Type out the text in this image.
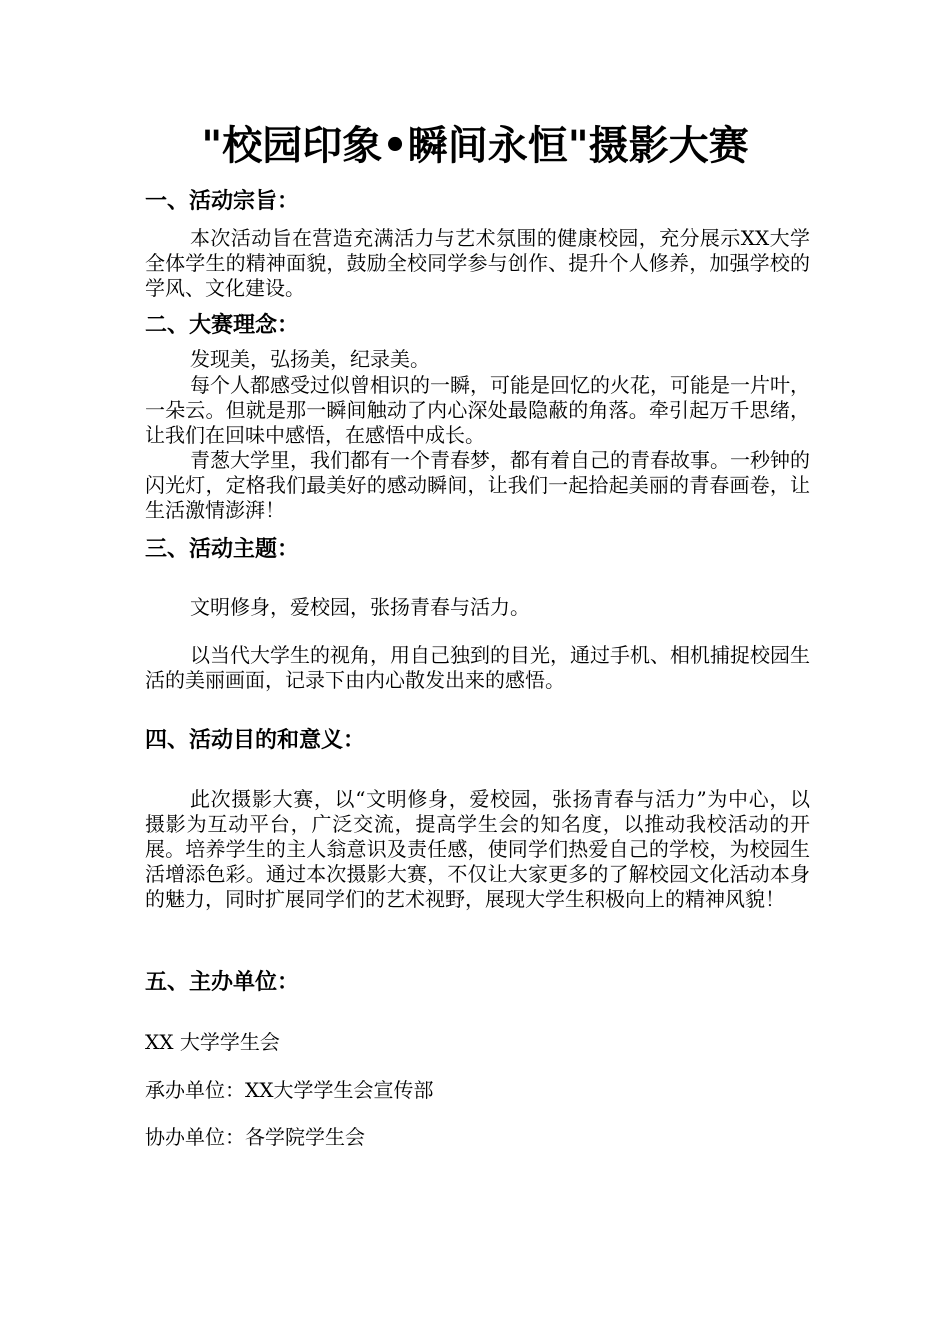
"校园印象•瞬间永恒"摄影大赛
一、活动宗旨：
本次活动旨在营造充满活力与艺术氛围的健康校园，充分展示XX大学全体学生的精神面貌，鼓励全校同学参与创作、提升个人修养，加强学校的学风、文化建设。
二、大赛理念：
发现美，弘扬美，纪录美。
每个人都感受过似曾相识的一瞬，可能是回忆的火花，可能是一片叶，一朵云。但就是那一瞬间触动了内心深处最隐蔽的角落。牵引起万千思绪，让我们在回味中感悟，在感悟中成长。
青葱大学里，我们都有一个青春梦，都有着自己的青春故事。一秒钟的闪光灯，定格我们最美好的感动瞬间，让我们一起拾起美丽的青春画卷，让生活激情澎湃！
三、活动主题：
文明修身，爱校园，张扬青春与活力。
以当代大学生的视角，用自己独到的目光，通过手机、相机捕捉校园生活的美丽画面，记录下由内心散发出来的感悟。
四、活动目的和意义：
此次摄影大赛，以“文明修身，爱校园，张扬青春与活力”为中心，以摄影为互动平台，广泛交流，提高学生会的知名度，以推动我校活动的开展。培养学生的主人翁意识及责任感，使同学们热爱自己的学校，为校园生活增添色彩。通过本次摄影大赛，不仅让大家更多的了解校园文化活动本身的魅力，同时扩展同学们的艺术视野，展现大学生积极向上的精神风貌！
五、主办单位：
XX 大学学生会
承办单位：XX大学学生会宣传部
协办单位：各学院学生会
